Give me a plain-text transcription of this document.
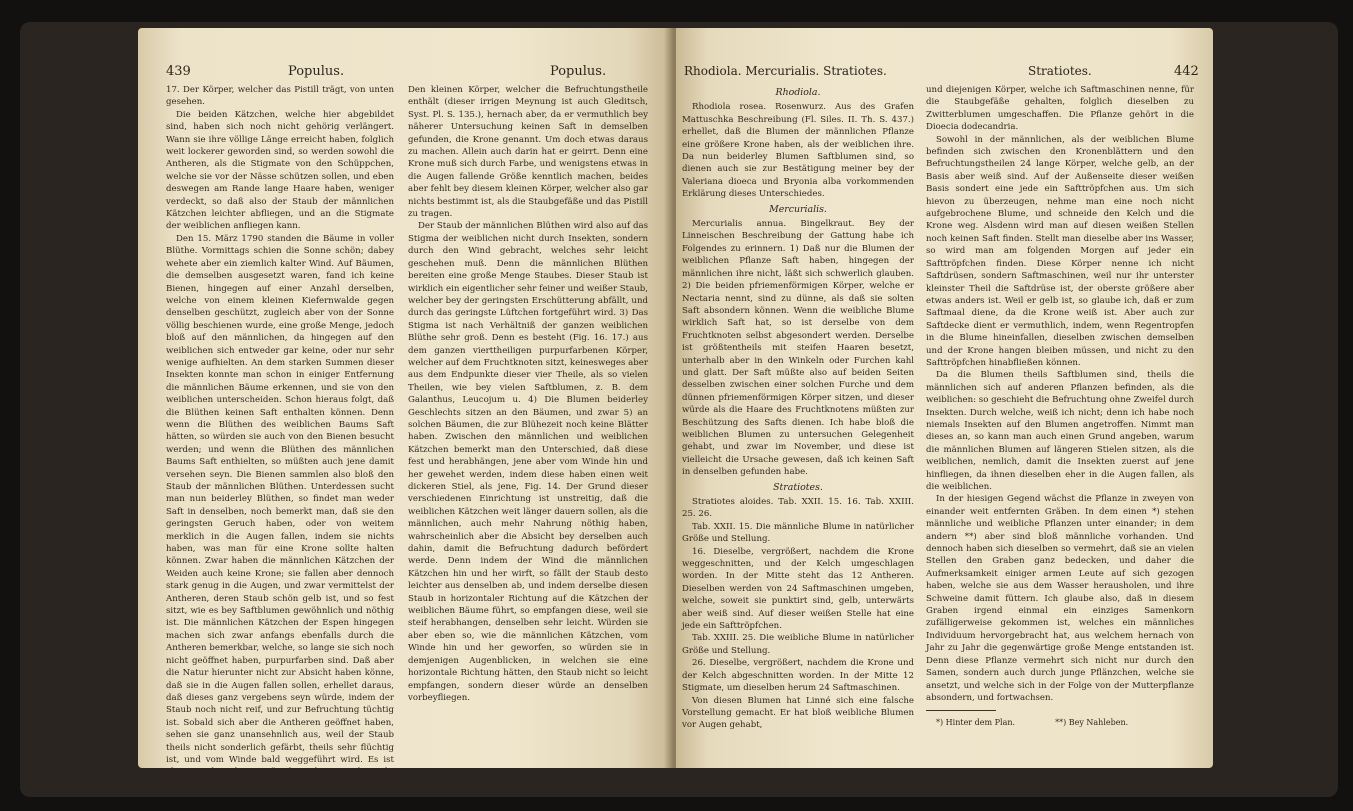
439	Populus.	Populus.

17. Der Körper, welcher das Pistill trägt, von unten gesehen.

Die beiden Kätzchen, welche hier abgebildet sind, haben sich noch nicht gehörig verlängert. Wann sie ihre völlige Länge erreicht haben, folglich weit lockerer geworden sind, so werden sowohl die Antheren, als die Stigmate von den Schüppchen, welche sie vor der Nässe schützen sollen, und eben deswegen am Rande lange Haare haben, weniger verdeckt, so daß also der Staub der männlichen Kätzchen leichter abfliegen, und an die Stigmate der weiblichen anfliegen kann.

Den 15. März 1790 standen die Bäume in voller Blüthe. Vormittags schien die Sonne schön; dabey wehete aber ein ziemlich kalter Wind. Auf Bäumen, die demselben ausgesetzt waren, fand ich keine Bienen, hingegen auf einer Anzahl derselben, welche von einem kleinen Kiefernwalde gegen denselben geschützt, zugleich aber von der Sonne völlig beschienen wurde, eine große Menge, jedoch bloß auf den männlichen, da hingegen auf den weiblichen sich entweder gar keine, oder nur sehr wenige aufhielten. An dem starken Summen dieser Insekten konnte man schon in einiger Entfernung die männlichen Bäume erkennen, und sie von den weiblichen unterscheiden. Schon hieraus folgt, daß die Blüthen keinen Saft enthalten können. Denn wenn die Blüthen des weiblichen Baums Saft hätten, so würden sie auch von den Bienen besucht werden; und wenn die Blüthen des männlichen Baums Saft enthielten, so müßten auch jene damit versehen seyn. Die Bienen sammlen also bloß den Staub der männlichen Blüthen. Unterdessen sucht man nun beiderley Blüthen, so findet man weder Saft in denselben, noch bemerkt man, daß sie den geringsten Geruch haben, oder von weitem merklich in die Augen fallen, indem sie nichts haben, was man für eine Krone sollte halten können. Zwar haben die männlichen Kätzchen der Weiden auch keine Krone; sie fallen aber dennoch stark genug in die Augen, und zwar vermittelst der Antheren, deren Staub schön gelb ist, und so fest sitzt, wie es bey Saftblumen gewöhnlich und nöthig ist. Die männlichen Kätzchen der Espen hingegen machen sich zwar anfangs ebenfalls durch die Antheren bemerkbar, welche, so lange sie sich noch nicht geöffnet haben, purpurfarben sind. Daß aber die Natur hierunter nicht zur Absicht haben könne, daß sie in die Augen fallen sollen, erhellet daraus, daß dieses ganz vergebens seyn würde, indem der Staub noch nicht reif, und zur Befruchtung tüchtig ist. Sobald sich aber die Antheren geöffnet haben, sehen sie ganz unansehnlich aus, weil der Staub theils nicht sonderlich gefärbt, theils sehr flüchtig ist, und vom Winde bald weggeführt wird. Es ist also zwischen diesen Kätzchen, des Geruchs nicht zu gedenken, auch hierin ein großer Unterschied.

Den kleinen Körper, welcher die Befruchtungstheile enthält (dieser irrigen Meynung ist auch Gleditsch, Syst. Pl. S. 135.), hernach aber, da er vermuthlich bey näherer Untersuchung keinen Saft in demselben gefunden, die Krone genannt. Um doch etwas daraus zu machen. Allein auch darin hat er geirrt. Denn eine Krone muß sich durch Farbe, und wenigstens etwas in die Augen fallende Größe kenntlich machen, beides aber fehlt bey diesem kleinen Körper, welcher also gar nichts bestimmt ist, als die Staubgefäße und das Pistill zu tragen.

Der Staub der männlichen Blüthen wird also auf das Stigma der weiblichen nicht durch Insekten, sondern durch den Wind gebracht, welches sehr leicht geschehen muß. Denn die männlichen Blüthen bereiten eine große Menge Staubes. Dieser Staub ist wirklich ein eigentlicher sehr feiner und weißer Staub, welcher bey der geringsten Erschütterung abfällt, und durch das geringste Lüftchen fortgeführt wird. 3) Das Stigma ist nach Verhältniß der ganzen weiblichen Blüthe sehr groß. Denn es besteht (Fig. 16. 17.) aus dem ganzen vierttheiligen purpurfarbenen Körper, welcher auf dem Fruchtknoten sitzt, keinesweges aber aus dem Endpunkte dieser vier Theile, als so vielen Theilen, wie bey vielen Saftblumen, z. B. dem Galanthus, Leucojum u. 4) Die Blumen beiderley Geschlechts sitzen an den Bäumen, und zwar 5) an solchen Bäumen, die zur Blühezeit noch keine Blätter haben. Zwischen den männlichen und weiblichen Kätzchen bemerkt man den Unterschied, daß diese fest und herabhängen, jene aber vom Winde hin und her gewehet werden, indem diese haben einen weit dickeren Stiel, als jene, Fig. 14. Der Grund dieser verschiedenen Einrichtung ist unstreitig, daß die weiblichen Kätzchen weit länger dauern sollen, als die männlichen, auch mehr Nahrung nöthig haben, wahrscheinlich aber die Absicht bey derselben auch dahin, damit die Befruchtung dadurch befördert werde. Denn indem der Wind die männlichen Kätzchen hin und her wirft, so fällt der Staub desto leichter aus denselben ab, und indem derselbe diesen Staub in horizontaler Richtung auf die Kätzchen der weiblichen Bäume führt, so empfangen diese, weil sie steif herabhangen, denselben sehr leicht. Würden sie aber eben so, wie die männlichen Kätzchen, vom Winde hin und her geworfen, so würden sie in demjenigen Augenblicken, in welchen sie eine horizontale Richtung hätten, den Staub nicht so leicht empfangen, sondern dieser würde an denselben vorbeyfliegen.

Rhodiola. Mercurialis. Stratiotes.	Stratiotes.	442
Rhodiola.

Rhodiola rosea. Rosenwurz. Aus des Grafen Mattuschka Beschreibung (Fl. Siles. II. Th. S. 437.) erhellet, daß die Blumen der männlichen Pflanze eine größere Krone haben, als der weiblichen ihre. Da nun beiderley Blumen Saftblumen sind, so dienen auch sie zur Bestätigung meiner bey der Valeriana dioeca und Bryonia alba vorkommenden Erklärung dieses Unterschiedes.

Mercurialis.

Mercurialis annua. Bingelkraut. Bey der Linneischen Beschreibung der Gattung habe ich Folgendes zu erinnern. 1) Daß nur die Blumen der weiblichen Pflanze Saft haben, hingegen der männlichen ihre nicht, läßt sich schwerlich glauben. 2) Die beiden pfriemenförmigen Körper, welche er Nectaria nennt, sind zu dünne, als daß sie solten Saft absondern können. Wenn die weibliche Blume wirklich Saft hat, so ist derselbe von dem Fruchtknoten selbst abgesondert werden. Derselbe ist größtentheils mit steifen Haaren besetzt, unterhalb aber in den Winkeln oder Furchen kahl und glatt. Der Saft müßte also auf beiden Seiten desselben zwischen einer solchen Furche und dem dünnen pfriemenförmigen Körper sitzen, und dieser würde als die Haare des Fruchtknotens müßten zur Beschützung des Safts dienen. Ich habe bloß die weiblichen Blumen zu untersuchen Gelegenheit gehabt, und zwar im November, und diese ist vielleicht die Ursache gewesen, daß ich keinen Saft in denselben gefunden habe.

Stratiotes.

Stratiotes aloides. Tab. XXII. 15. 16. Tab. XXIII. 25. 26.

Tab. XXII. 15. Die männliche Blume in natürlicher Größe und Stellung.

16. Dieselbe, vergrößert, nachdem die Krone weggeschnitten, und der Kelch umgeschlagen worden. In der Mitte steht das 12 Antheren. Dieselben werden von 24 Saftmaschinen umgeben, welche, soweit sie punktirt sind, gelb, unterwärts aber weiß sind. Auf dieser weißen Stelle hat eine jede ein Safttröpfchen.

Tab. XXIII. 25. Die weibliche Blume in natürlicher Größe und Stellung.

26. Dieselbe, vergrößert, nachdem die Krone und der Kelch abgeschnitten worden. In der Mitte 12 Stigmate, um dieselben herum 24 Saftmaschinen.

Von diesen Blumen hat Linné sich eine falsche Vorstellung gemacht. Er hat bloß weibliche Blumen vor Augen gehabt,

und diejenigen Körper, welche ich Saftmaschinen nenne, für die Staubgefäße gehalten, folglich dieselben zu Zwitterblumen umgeschaffen. Die Pflanze gehört in die Dioecia dodecandria.

Sowohl in der männlichen, als der weiblichen Blume befinden sich zwischen den Kronenblättern und den Befruchtungstheilen 24 lange Körper, welche gelb, an der Basis aber weiß sind. Auf der Außenseite dieser weißen Basis sondert eine jede ein Safttröpfchen aus. Um sich hievon zu überzeugen, nehme man eine noch nicht aufgebrochene Blume, und schneide den Kelch und die Krone weg. Alsdenn wird man auf diesen weißen Stellen noch keinen Saft finden. Stellt man dieselbe aber ins Wasser, so wird man am folgenden Morgen auf jeder ein Safttröpfchen finden. Diese Körper nenne ich nicht Saftdrüsen, sondern Saftmaschinen, weil nur ihr unterster kleinster Theil die Saftdrüse ist, der oberste größere aber etwas anders ist. Weil er gelb ist, so glaube ich, daß er zum Saftmaal diene, da die Krone weiß ist. Aber auch zur Saftdecke dient er vermuthlich, indem, wenn Regentropfen in die Blume hineinfallen, dieselben zwischen demselben und der Krone hangen bleiben müssen, und nicht zu den Safttröpfchen hinabfließen können.

Da die Blumen theils Saftblumen sind, theils die männlichen sich auf anderen Pflanzen befinden, als die weiblichen: so geschieht die Befruchtung ohne Zweifel durch Insekten. Durch welche, weiß ich nicht; denn ich habe noch niemals Insekten auf den Blumen angetroffen. Nimmt man dieses an, so kann man auch einen Grund angeben, warum die männlichen Blumen auf längeren Stielen sitzen, als die weiblichen, nemlich, damit die Insekten zuerst auf jene hinfliegen, da ihnen dieselben eher in die Augen fallen, als die weiblichen.

In der hiesigen Gegend wächst die Pflanze in zweyen von einander weit entfernten Gräben. In dem einen *) stehen männliche und weibliche Pflanzen unter einander; in dem andern **) aber sind bloß männliche vorhanden. Und dennoch haben sich dieselben so vermehrt, daß sie an vielen Stellen den Graben ganz bedecken, und daher die Aufmerksamkeit einiger armen Leute auf sich gezogen haben, welche sie aus dem Wasser herausholen, und ihre Schweine damit füttern. Ich glaube also, daß in diesem Graben irgend einmal ein einziges Samenkorn zufälligerweise gekommen ist, welches ein männliches Individuum hervorgebracht hat, aus welchem hernach von Jahr zu Jahr die gegenwärtige große Menge entstanden ist. Denn diese Pflanze vermehrt sich nicht nur durch den Samen, sondern auch durch junge Pflänzchen, welche sie ansetzt, und welche sich in der Folge von der Mutterpflanze absondern, und fortwachsen.

*) Hinter dem Plan.	**) Bey Nahleben.
